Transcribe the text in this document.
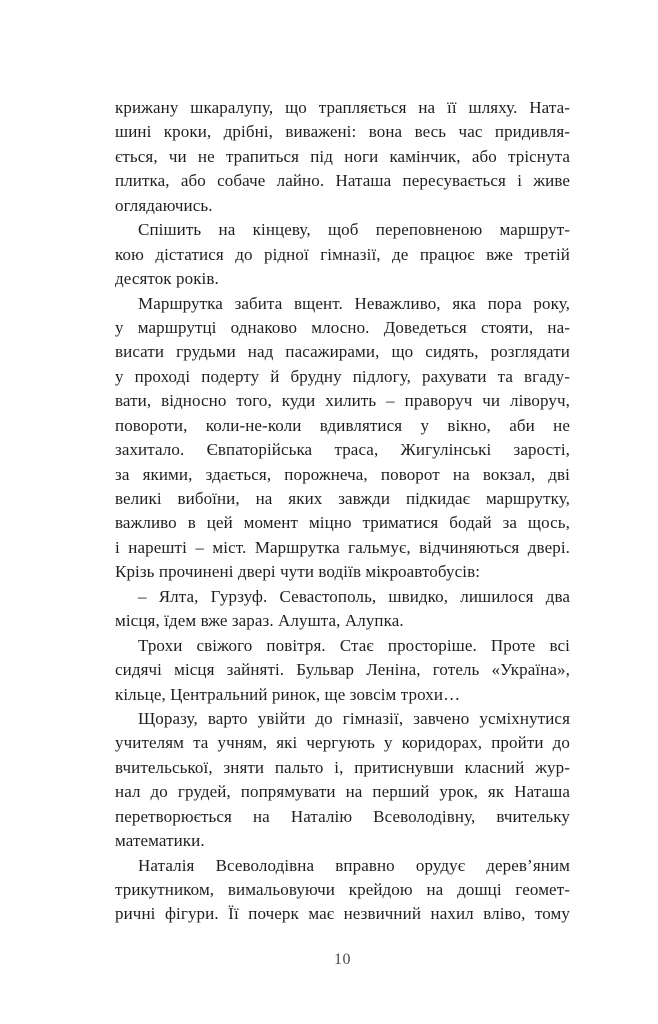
крижану шкаралупу, що трапляється на її шляху. Ната-
шині кроки, дрібні, виважені: вона весь час придивля-
ється, чи не трапиться під ноги камінчик, або тріснута
плитка, або собаче лайно. Наташа пересувається і живе
оглядаючись.
Спішить на кінцеву, щоб переповненою маршрут-
кою дістатися до рідної гімназії, де працює вже третій
десяток років.
Маршрутка забита вщент. Неважливо, яка пора року,
у маршрутці однаково млосно. Доведеться стояти, на-
висати грудьми над пасажирами, що сидять, розглядати
у проході подерту й брудну підлогу, рахувати та вгаду-
вати, відносно того, куди хилить – праворуч чи ліворуч,
повороти, коли-не-коли вдивлятися у вікно, аби не
захитало. Євпаторійська траса, Жигулінські зарості,
за якими, здається, порожнеча, поворот на вокзал, дві
великі вибоїни, на яких завжди підкидає маршрутку,
важливо в цей момент міцно триматися бодай за щось,
і нарешті – міст. Маршрутка гальмує, відчиняються двері.
Крізь прочинені двері чути водіїв мікроавтобусів:
– Ялта, Гурзуф. Севастополь, швидко, лишилося два
місця, їдем вже зараз. Алушта, Алупка.
Трохи свіжого повітря. Стає просторіше. Проте всі
сидячі місця зайняті. Бульвар Леніна, готель «Україна»,
кільце, Центральний ринок, ще зовсім трохи…
Щоразу, варто увійти до гімназії, завчено усміхнутися
учителям та учням, які чергують у коридорах, пройти до
вчительської, зняти пальто і, притиснувши класний жур-
нал до грудей, попрямувати на перший урок, як Наташа
перетворюється на Наталію Всеволодівну, вчительку
математики.
Наталія Всеволодівна вправно орудує дерев’яним
трикутником, вимальовуючи крейдою на дошці геомет-
ричні фігури. Її почерк має незвичний нахил вліво, тому
10
